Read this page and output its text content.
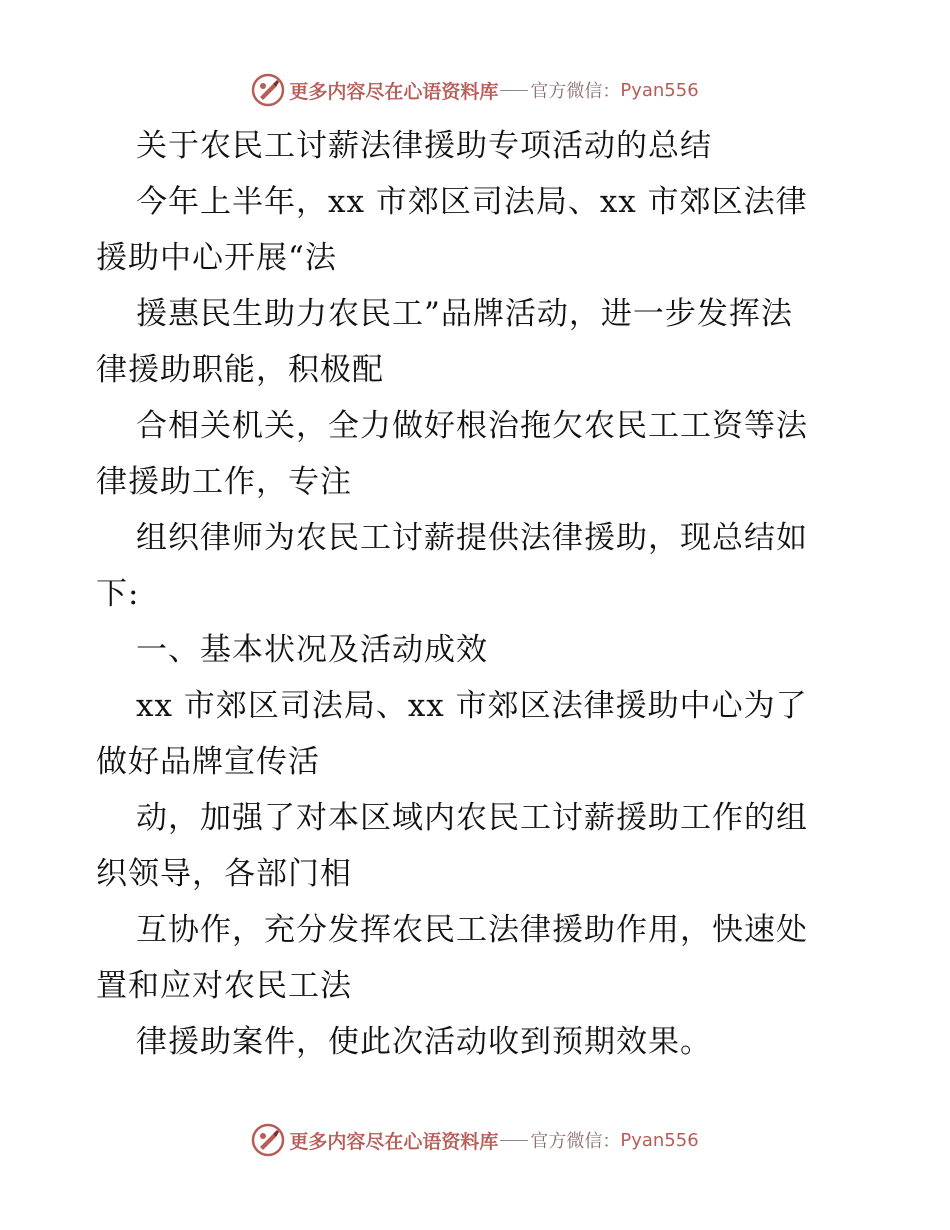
更多内容尽在心语资料库 官方微信： Pyan556
关于农民工讨薪法律援助专项活动的总结
今年上半年，xx 市郊区司法局、xx 市郊区法律
援助中心开展“法
援惠民生助力农民工”品牌活动，进一步发挥法
律援助职能，积极配
合相关机关，全力做好根治拖欠农民工工资等法
律援助工作，专注
组织律师为农民工讨薪提供法律援助，现总结如
下:
一、基本状况及活动成效
xx 市郊区司法局、xx 市郊区法律援助中心为了
做好品牌宣传活
动，加强了对本区域内农民工讨薪援助工作的组
织领导，各部门相
互协作，充分发挥农民工法律援助作用，快速处
置和应对农民工法
律援助案件，使此次活动收到预期效果。
更多内容尽在心语资料库 官方微信： Pyan556
